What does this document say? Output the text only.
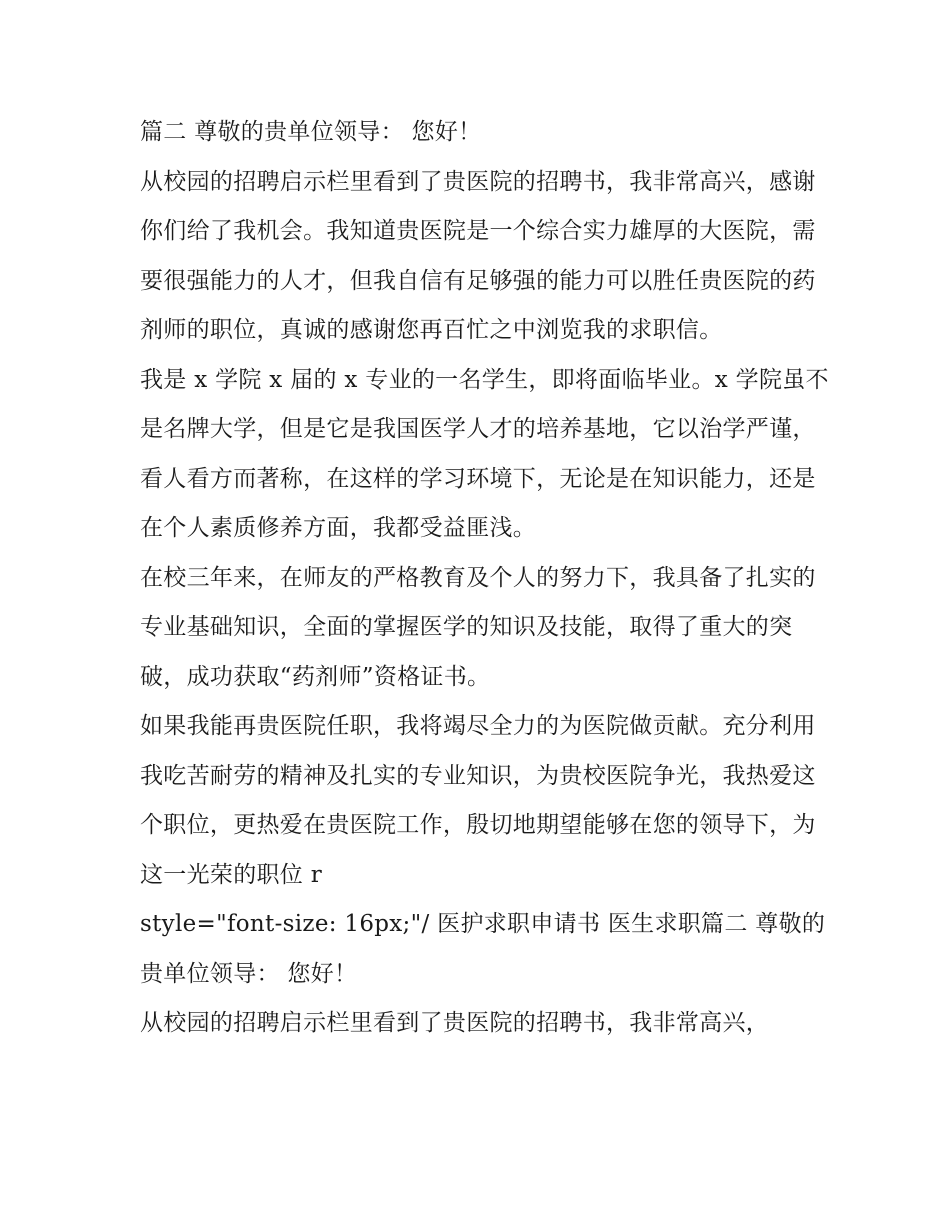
篇二 尊敬的贵单位领导： 您好！

从校园的招聘启示栏里看到了贵医院的招聘书，我非常高兴，感谢你们给了我机会。我知道贵医院是一个综合实力雄厚的大医院，需要很强能力的人才，但我自信有足够强的能力可以胜任贵医院的药剂师的职位，真诚的感谢您再百忙之中浏览我的求职信。

我是 x 学院 x 届的 x 专业的一名学生，即将面临毕业。x 学院虽不是名牌大学，但是它是我国医学人才的培养基地，它以治学严谨，看人看方而著称，在这样的学习环境下，无论是在知识能力，还是在个人素质修养方面，我都受益匪浅。

在校三年来，在师友的严格教育及个人的努力下，我具备了扎实的专业基础知识，全面的掌握医学的知识及技能，取得了重大的突破，成功获取“药剂师”资格证书。

如果我能再贵医院任职，我将竭尽全力的为医院做贡献。充分利用我吃苦耐劳的精神及扎实的专业知识，为贵校医院争光，我热爱这个职位，更热爱在贵医院工作，殷切地期望能够在您的领导下，为这一光荣的职位 r

style="font-size: 16px;"/ 医护求职申请书 医生求职篇二 尊敬的贵单位领导： 您好！

从校园的招聘启示栏里看到了贵医院的招聘书，我非常高兴，
